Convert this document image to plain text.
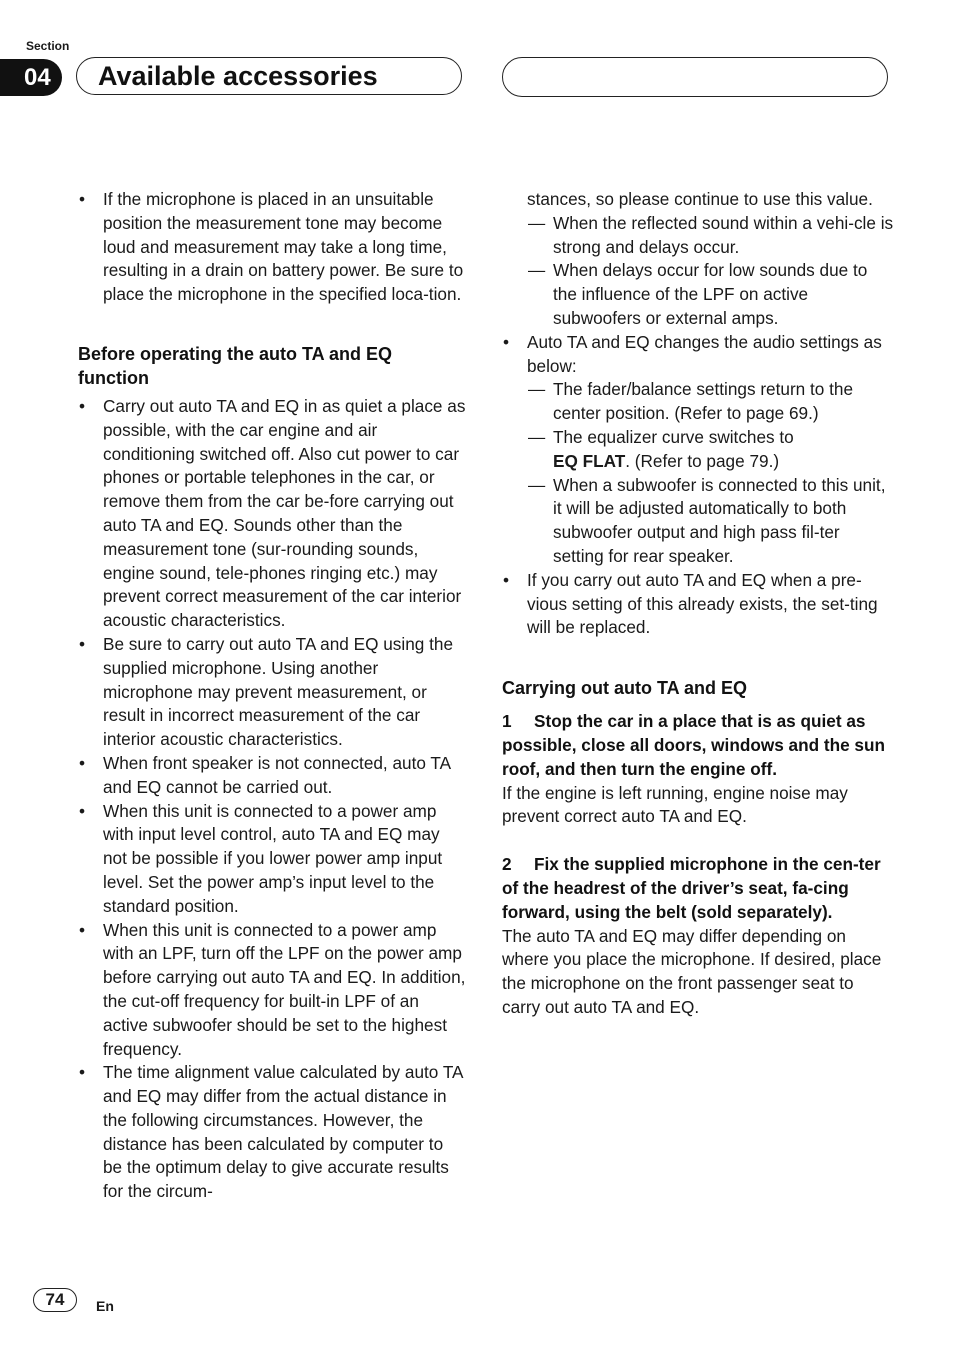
Section
04	Available accessories

• If the microphone is placed in an unsuitable position the measurement tone may become loud and measurement may take a long time, resulting in a drain on battery power. Be sure to place the microphone in the specified loca-tion.

Before operating the auto TA and EQ function

• Carry out auto TA and EQ in as quiet a place as possible, with the car engine and air conditioning switched off. Also cut power to car phones or portable telephones in the car, or remove them from the car be-fore carrying out auto TA and EQ. Sounds other than the measurement tone (sur-rounding sounds, engine sound, tele-phones ringing etc.) may prevent correct measurement of the car interior acoustic characteristics.

• Be sure to carry out auto TA and EQ using the supplied microphone. Using another microphone may prevent measurement, or result in incorrect measurement of the car interior acoustic characteristics.

• When front speaker is not connected, auto TA and EQ cannot be carried out.

• When this unit is connected to a power amp with input level control, auto TA and EQ may not be possible if you lower power amp input level. Set the power amp’s input level to the standard position.

• When this unit is connected to a power amp with an LPF, turn off the LPF on the power amp before carrying out auto TA and EQ. In addition, the cut-off frequency for built-in LPF of an active subwoofer should be set to the highest frequency.

• The time alignment value calculated by auto TA and EQ may differ from the actual distance in the following circumstances. However, the distance has been calculated by computer to be the optimum delay to give accurate results for the circum-

stances, so please continue to use this value.

— When the reflected sound within a vehi-cle is strong and delays occur.

— When delays occur for low sounds due to the influence of the LPF on active subwoofers or external amps.

• Auto TA and EQ changes the audio settings as below:

— The fader/balance settings return to the center position. (Refer to page 69.)

— The equalizer curve switches to
EQ FLAT. (Refer to page 79.)

— When a subwoofer is connected to this unit, it will be adjusted automatically to both subwoofer output and high pass fil-ter setting for rear speaker.

• If you carry out auto TA and EQ when a pre-vious setting of this already exists, the set-ting will be replaced.

Carrying out auto TA and EQ

1 Stop the car in a place that is as quiet as possible, close all doors, windows and the sun roof, and then turn the engine off.

If the engine is left running, engine noise may prevent correct auto TA and EQ.

2 Fix the supplied microphone in the cen-ter of the headrest of the driver’s seat, fa-cing forward, using the belt (sold separately).

The auto TA and EQ may differ depending on where you place the microphone. If desired, place the microphone on the front passenger seat to carry out auto TA and EQ.

74	En
